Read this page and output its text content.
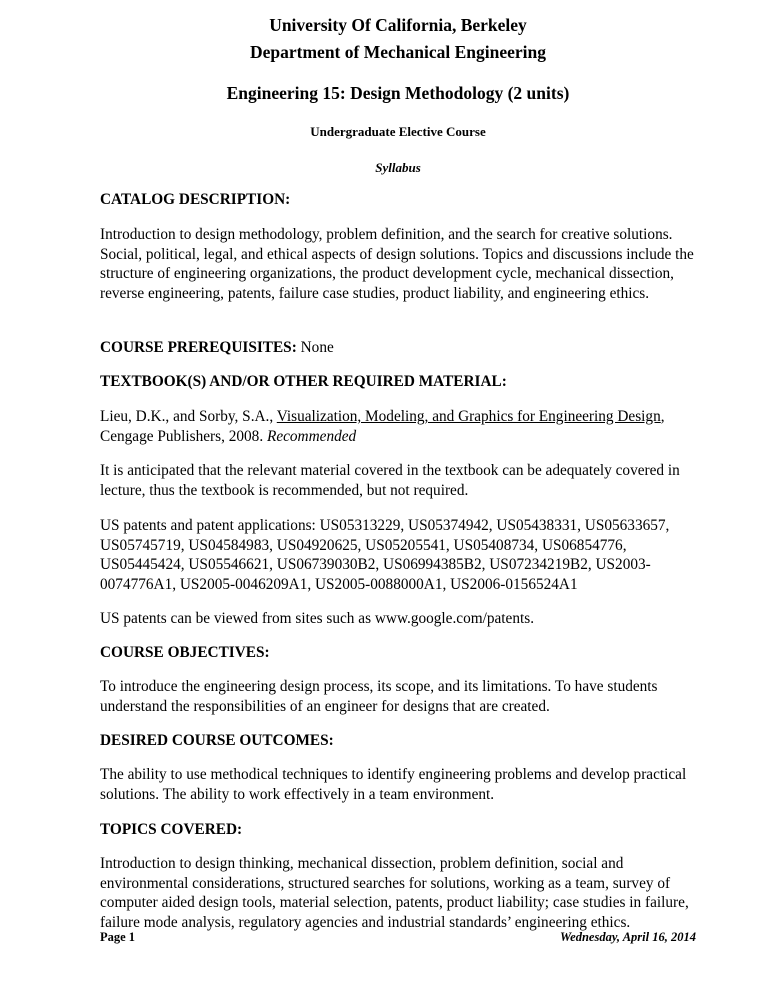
University Of California, Berkeley
Department of Mechanical Engineering
Engineering 15: Design Methodology (2 units)
Undergraduate Elective Course
Syllabus
CATALOG DESCRIPTION:

Introduction to design methodology, problem definition, and the search for creative solutions. Social, political, legal, and ethical aspects of design solutions. Topics and discussions include the structure of engineering organizations, the product development cycle, mechanical dissection, reverse engineering, patents, failure case studies, product liability, and engineering ethics.

COURSE PREREQUISITES: None
TEXTBOOK(S) AND/OR OTHER REQUIRED MATERIAL:

Lieu, D.K., and Sorby, S.A., Visualization, Modeling, and Graphics for Engineering Design, Cengage Publishers, 2008. Recommended

It is anticipated that the relevant material covered in the textbook can be adequately covered in lecture, thus the textbook is recommended, but not required.

US patents and patent applications: US05313229, US05374942, US05438331, US05633657, US05745719, US04584983, US04920625, US05205541, US05408734, US06854776, US05445424, US05546621, US06739030B2, US06994385B2, US07234219B2, US2003-0074776A1, US2005-0046209A1, US2005-0088000A1, US2006-0156524A1

US patents can be viewed from sites such as www.google.com/patents.

COURSE OBJECTIVES:

To introduce the engineering design process, its scope, and its limitations. To have students understand the responsibilities of an engineer for designs that are created.

DESIRED COURSE OUTCOMES:

The ability to use methodical techniques to identify engineering problems and develop practical solutions. The ability to work effectively in a team environment.

TOPICS COVERED:

Introduction to design thinking, mechanical dissection, problem definition, social and environmental considerations, structured searches for solutions, working as a team, survey of computer aided design tools, material selection, patents, product liability; case studies in failure, failure mode analysis, regulatory agencies and industrial standards’ engineering ethics.

Page 1	Wednesday, April 16, 2014
